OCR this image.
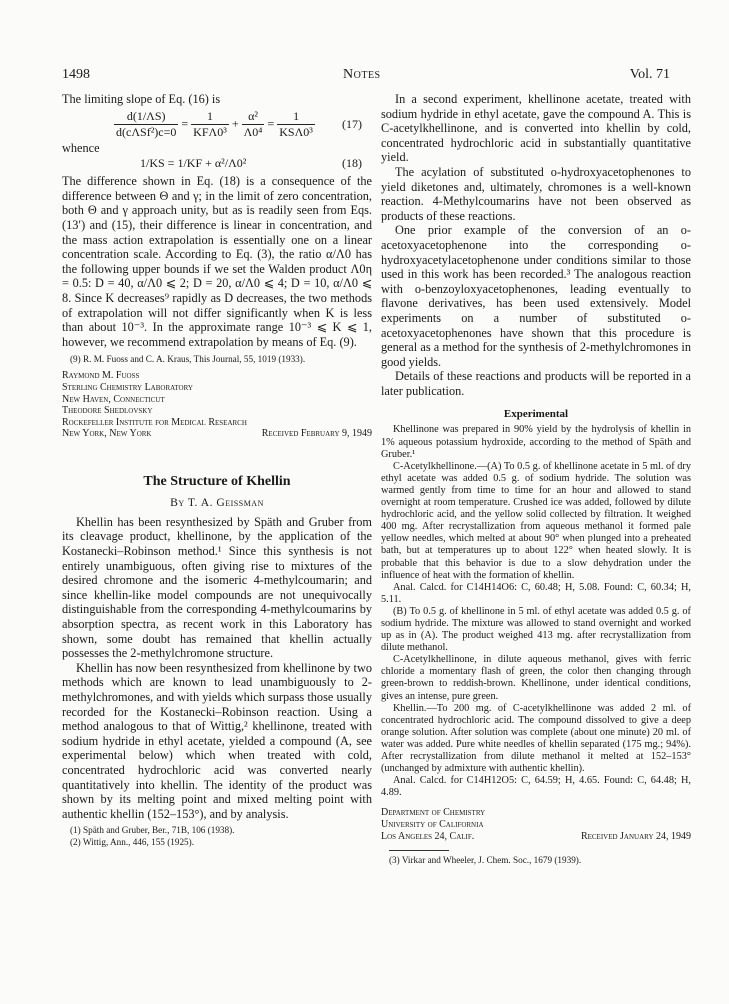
1498	Notes	Vol. 71

The limiting slope of Eq. (16) is

$\frac{d(1/\Lambda S)}{\text{d(cΛSf²)c=0}} = \frac{1}{\text{KFΛ0³}} + \frac{\text{α²}}{\text{Λ0⁴}} = \frac{1}{\text{KSΛ0³}} (17)$

whence

1/KS = 1/KF + α²/Λ0²	(18)

The difference shown in Eq. (18) is a consequence of the difference between Θ and γ; in the limit of zero concentration, both Θ and γ approach unity, but as is readily seen from Eqs. (13′) and (15), their difference is linear in concentration, and the mass action extrapolation is essentially one on a linear concentration scale. According to Eq. (3), the ratio α/Λ0 has the following upper bounds if we set the Walden product Λ0η = 0.5: D = 40, α/Λ0 ⩽ 2; D = 20, α/Λ0 ⩽ 4; D = 10, α/Λ0 ⩽ 8. Since K decreases⁹ rapidly as D decreases, the two methods of extrapolation will not differ significantly when K is less than about 10⁻³. In the approximate range 10⁻³ ⩽ K ⩽ 1, however, we recommend extrapolation by means of Eq. (9).

(9) R. M. Fuoss and C. A. Kraus, This Journal, 55, 1019 (1933).
Raymond M. Fuoss
Sterling Chemistry Laboratory
New Haven, Connecticut
Theodore Shedlovsky
Rockefeller Institute for Medical Research
New York, New York	Received February 9, 1949
The Structure of Khellin
By T. A. Geissman

Khellin has been resynthesized by Späth and Gruber from its cleavage product, khellinone, by the application of the Kostanecki–Robinson method.¹ Since this synthesis is not entirely unambiguous, often giving rise to mixtures of the desired chromone and the isomeric 4-methylcoumarin; and since khellin-like model compounds are not unequivocally distinguishable from the corresponding 4-methylcoumarins by absorption spectra, as recent work in this Laboratory has shown, some doubt has remained that khellin actually possesses the 2-methylchromone structure.

Khellin has now been resynthesized from khellinone by two methods which are known to lead unambiguously to 2-methylchromones, and with yields which surpass those usually recorded for the Kostanecki–Robinson reaction. Using a method analogous to that of Wittig,² khellinone, treated with sodium hydride in ethyl acetate, yielded a compound (A, see experimental below) which when treated with cold, concentrated hydrochloric acid was converted nearly quantitatively into khellin. The identity of the product was shown by its melting point and mixed melting point with authentic khellin (152–153°), and by analysis.

(1) Späth and Gruber, Ber., 71B, 106 (1938).
(2) Wittig, Ann., 446, 155 (1925).

In a second experiment, khellinone acetate, treated with sodium hydride in ethyl acetate, gave the compound A. This is C-acetylkhellinone, and is converted into khellin by cold, concentrated hydrochloric acid in substantially quantitative yield.

The acylation of substituted o-hydroxyacetophenones to yield diketones and, ultimately, chromones is a well-known reaction. 4-Methylcoumarins have not been observed as products of these reactions.

One prior example of the conversion of an o-acetoxyacetophenone into the corresponding o-hydroxyacetylacetophenone under conditions similar to those used in this work has been recorded.³ The analogous reaction with o-benzoyloxyacetophenones, leading eventually to flavone derivatives, has been used extensively. Model experiments on a number of substituted o-acetoxyacetophenones have shown that this procedure is general as a method for the synthesis of 2-methylchromones in good yields.

Details of these reactions and products will be reported in a later publication.

Experimental

Khellinone was prepared in 90% yield by the hydrolysis of khellin in 1% aqueous potassium hydroxide, according to the method of Späth and Gruber.¹

C-Acetylkhellinone.—(A) To 0.5 g. of khellinone acetate in 5 ml. of dry ethyl acetate was added 0.5 g. of sodium hydride. The solution was warmed gently from time to time for an hour and allowed to stand overnight at room temperature. Crushed ice was added, followed by dilute hydrochloric acid, and the yellow solid collected by filtration. It weighed 400 mg. After recrystallization from aqueous methanol it formed pale yellow needles, which melted at about 90° when plunged into a preheated bath, but at temperatures up to about 122° when heated slowly. It is probable that this behavior is due to a slow dehydration under the influence of heat with the formation of khellin.

Anal. Calcd. for C14H14O6: C, 60.48; H, 5.08. Found: C, 60.34; H, 5.11.

(B) To 0.5 g. of khellinone in 5 ml. of ethyl acetate was added 0.5 g. of sodium hydride. The mixture was allowed to stand overnight and worked up as in (A). The product weighed 413 mg. after recrystallization from dilute methanol.

C-Acetylkhellinone, in dilute aqueous methanol, gives with ferric chloride a momentary flash of green, the color then changing through green-brown to reddish-brown. Khellinone, under identical conditions, gives an intense, pure green.

Khellin.—To 200 mg. of C-acetylkhellinone was added 2 ml. of concentrated hydrochloric acid. The compound dissolved to give a deep orange solution. After solution was complete (about one minute) 20 ml. of water was added. Pure white needles of khellin separated (175 mg.; 94%). After recrystallization from dilute methanol it melted at 152–153° (unchanged by admixture with authentic khellin).

Anal. Calcd. for C14H12O5: C, 64.59; H, 4.65. Found: C, 64.48; H, 4.89.

Department of Chemistry
University of California
Los Angeles 24, Calif.	Received January 24, 1949
(3) Virkar and Wheeler, J. Chem. Soc., 1679 (1939).
